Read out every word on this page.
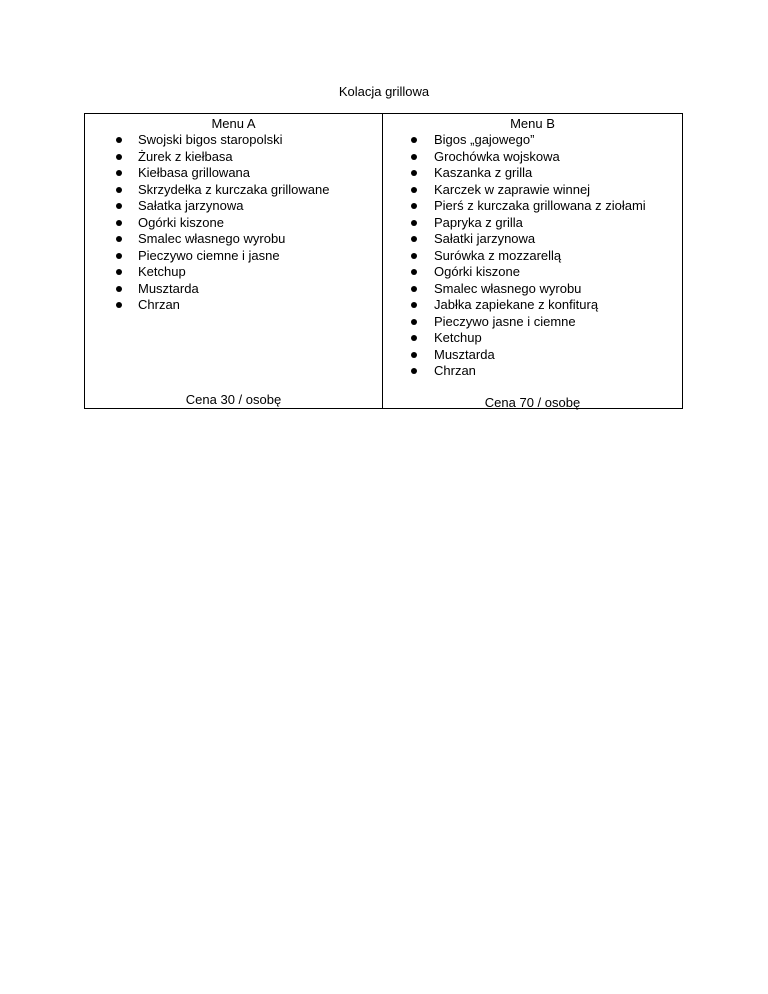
Kolacja grillowa
Menu A
Swojski bigos staropolski
Żurek z kiełbasa
Kiełbasa grillowana
Skrzydełka z kurczaka grillowane
Sałatka jarzynowa
Ogórki kiszone
Smalec własnego wyrobu
Pieczywo ciemne i jasne
Ketchup
Musztarda
Chrzan
Cena 30 / osobę
Menu B
Bigos „gajowego”
Grochówka wojskowa
Kaszanka z grilla
Karczek w zaprawie winnej
Pierś z kurczaka grillowana z ziołami
Papryka z grilla
Sałatki jarzynowa
Surówka z mozzarellą
Ogórki kiszone
Smalec własnego wyrobu
Jabłka zapiekane z konfiturą
Pieczywo jasne i ciemne
Ketchup
Musztarda
Chrzan
Cena 70 / osobę
